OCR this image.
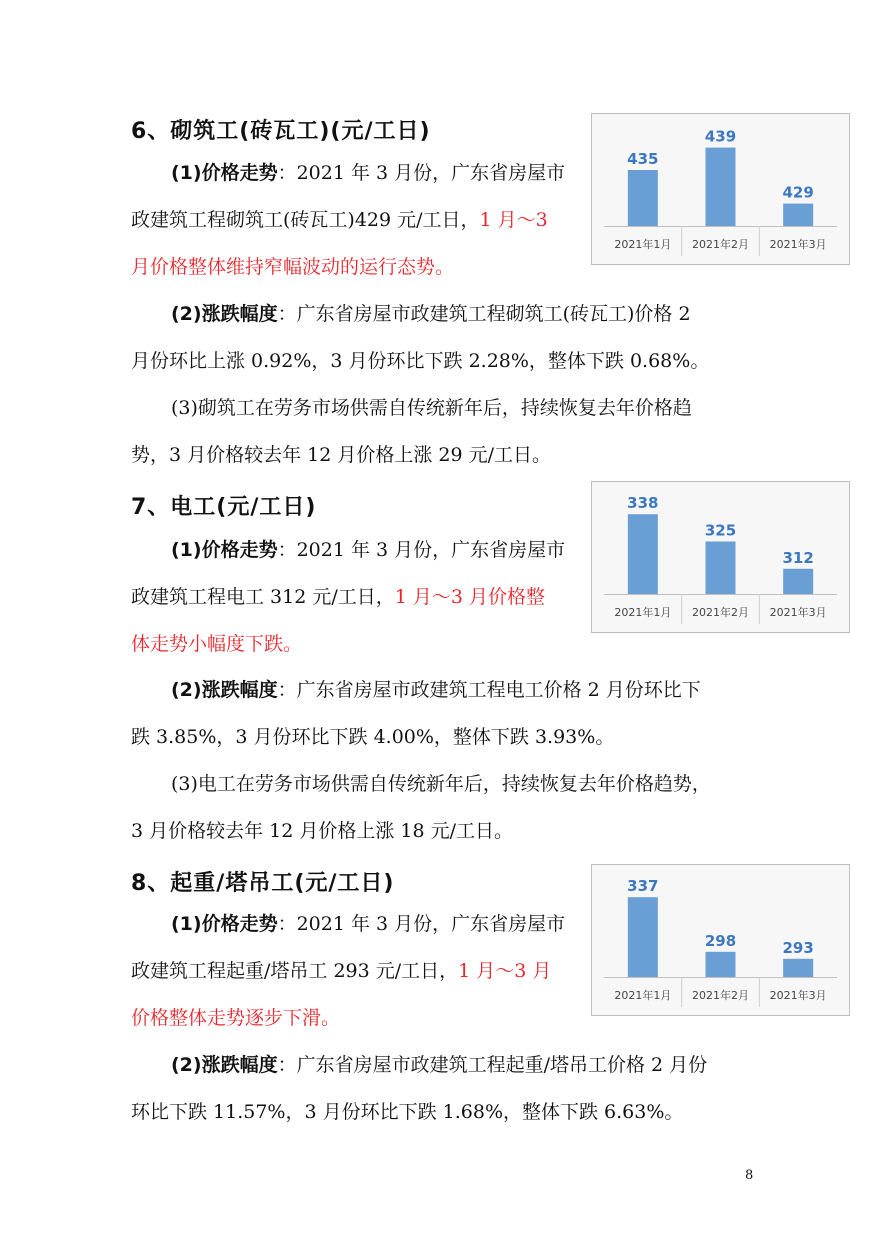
6、砌筑工(砖瓦工)(元/工日)
(1)价格走势：2021 年 3 月份，广东省房屋市
政建筑工程砌筑工(砖瓦工)429 元/工日，1 月～3
月价格整体维持窄幅波动的运行态势。
(2)涨跌幅度：广东省房屋市政建筑工程砌筑工(砖瓦工)价格 2
月份环比上涨 0.92%，3 月份环比下跌 2.28%，整体下跌 0.68%。
(3)砌筑工在劳务市场供需自传统新年后，持续恢复去年价格趋
势，3 月价格较去年 12 月价格上涨 29 元/工日。
435
2021年1月
439
2021年2月
429
2021年3月
7、电工(元/工日)
(1)价格走势：2021 年 3 月份，广东省房屋市
政建筑工程电工 312 元/工日，1 月～3 月价格整
体走势小幅度下跌。
(2)涨跌幅度：广东省房屋市政建筑工程电工价格 2 月份环比下
跌 3.85%，3 月份环比下跌 4.00%，整体下跌 3.93%。
(3)电工在劳务市场供需自传统新年后，持续恢复去年价格趋势，
3 月价格较去年 12 月价格上涨 18 元/工日。
338
2021年1月
325
2021年2月
312
2021年3月
8、起重/塔吊工(元/工日)
(1)价格走势：2021 年 3 月份，广东省房屋市
政建筑工程起重/塔吊工 293 元/工日，1 月～3 月
价格整体走势逐步下滑。
(2)涨跌幅度：广东省房屋市政建筑工程起重/塔吊工价格 2 月份
环比下跌 11.57%，3 月份环比下跌 1.68%，整体下跌 6.63%。
337
2021年1月
298
2021年2月
293
2021年3月
8
